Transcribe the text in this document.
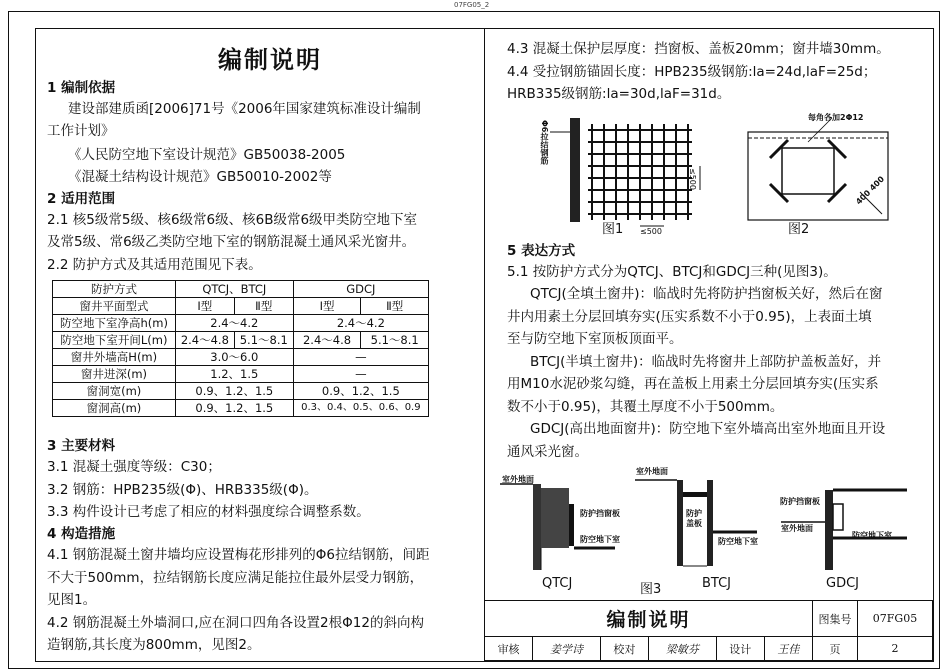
07FG05_2
编制说明
1 编制依据
建设部建质函[2006]71号《2006年国家建筑标准设计编制
工作计划》
《人民防空地下室设计规范》GB50038-2005
《混凝土结构设计规范》GB50010-2002等
2 适用范围
2.1 核5级常5级、核6级常6级、核6B级常6级甲类防空地下室
及常5级、常6级乙类防空地下室的钢筋混凝土通风采光窗井。
2.2 防护方式及其适用范围见下表。
防护方式	QTCJ、BTCJ		GDCJ	
窗井平面型式	Ⅰ型	Ⅱ型	Ⅰ型	Ⅱ型
防空地下室净高h(m)	2.4～4.2		2.4～4.2	
防空地下室开间L(m)	2.4～4.8	5.1～8.1	2.4～4.8	5.1～8.1
窗井外墙高H(m)	3.0～6.0		—	
窗井进深(m)	1.2、1.5		—	
窗洞宽(m)	0.9、1.2、1.5		0.9、1.2、1.5	
窗洞高(m)	0.9、1.2、1.5		0.3、0.4、0.5、0.6、0.9	
3 主要材料
3.1 混凝土强度等级：C30；
3.2 钢筋：HPB235级(Φ)、HRB335级(Φ)。
3.3 构件设计已考虑了相应的材料强度综合调整系数。
4 构造措施
4.1 钢筋混凝土窗井墙均应设置梅花形排列的Φ6拉结钢筋，间距
不大于500mm，拉结钢筋长度应满足能拉住最外层受力钢筋，
见图1。
4.2 钢筋混凝土外墙洞口,应在洞口四角各设置2根Φ12的斜向构
造钢筋,其长度为800mm，见图2。
4.3 混凝土保护层厚度：挡窗板、盖板20mm；窗井墙30mm。
4.4 受拉钢筋锚固长度：HPB235级钢筋:la=24d,laF=25d；
HRB335级钢筋:la=30d,laF=31d。
Φ6拉结钢筋
≤500
≤500
图1
每角各加2Φ12
400 400
图2
5 表达方式
5.1 按防护方式分为QTCJ、BTCJ和GDCJ三种(见图3)。
QTCJ(全填土窗井)：临战时先将防护挡窗板关好，然后在窗
井内用素土分层回填夯实(压实系数不小于0.95)，上表面土填
至与防空地下室顶板顶面平。
BTCJ(半填土窗井)：临战时先将窗井上部防护盖板盖好，并
用M10水泥砂浆勾缝，再在盖板上用素土分层回填夯实(压实系
数不小于0.95)，其覆土厚度不小于500mm。
GDCJ(高出地面窗井)：防空地下室外墙高出室外地面且开设
通风采光窗。
室外地面
防护挡窗板
防空地下室
室外地面
防护
盖板
防空地下室
防护挡窗板
室外地面
防空地下室
QTCJ	图3	BTCJ	GDCJ
编制说明						图集号	07FG05
审核	姜学诗	校对	梁敏芬	设计	王佳	页	2
